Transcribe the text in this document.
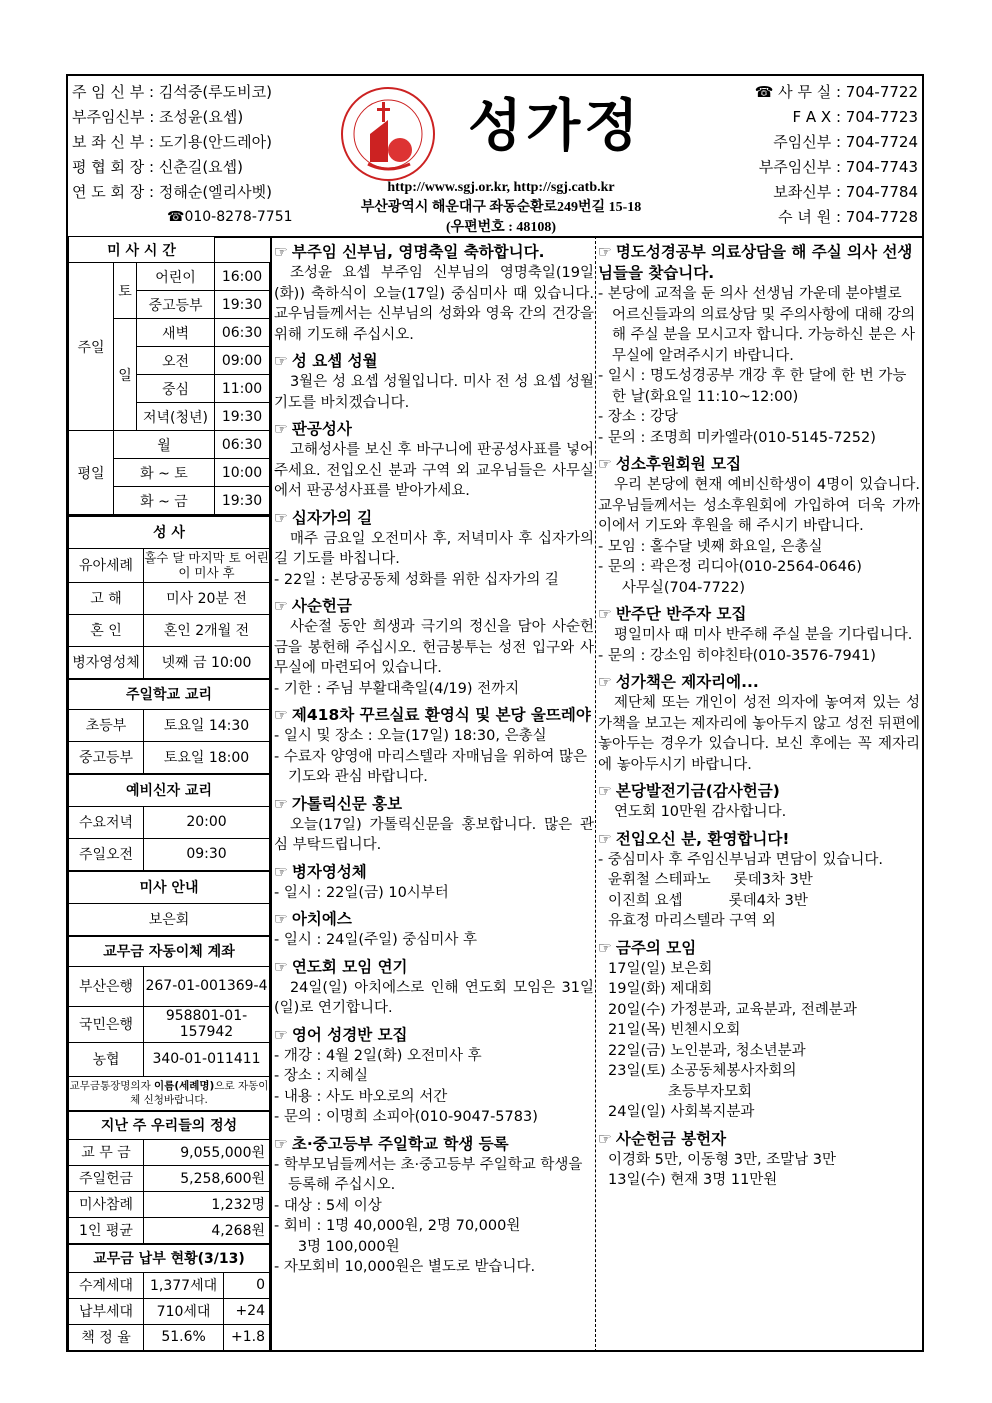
주 임 신 부 : 김석중(루도비코)
부주임신부 : 조성윤(요셉)
보 좌 신 부 : 도기용(안드레아)
평 협 회 장 : 신춘길(요셉)
연 도 회 장 : 정해순(엘리사벳)
☎010-8278-7751
성가정
http://www.sgj.or.kr, http://sgj.catb.kr
부산광역시 해운대구 좌동순환로249번길 15-18
(우편번호 : 48108)
☎ 사 무 실 : 704-7722
F A X : 704-7723
주임신부 : 704-7724
부주임신부 : 704-7743
보좌신부 : 704-7784
수 녀 원 : 704-7728
미 사 시 간			
주일	토	어린이	16:00
		중고등부	19:30
	일	새벽	06:30
		오전	09:00
		중심	11:00
		저녁(청년)	19:30
평일	월		06:30
	화 ~ 토		10:00
	화 ~ 금		19:30
성 사	
유아세례	홀수 달 마지막 토 어린이 미사 후
고 해	미사 20분 전
혼 인	혼인 2개월 전
병자영성체	넷째 금 10:00
주일학교 교리	
초등부	토요일 14:30
중고등부	토요일 18:00
예비신자 교리	
수요저녁	20:00
주일오전	09:30
미사 안내
보은회
교무금 자동이체 계좌	
부산은행	267-01-001369-4
국민은행	958801-01-157942
농협	340-01-011411
교무금통장명의자 이름(세례명)으로 자동이체 신청바랍니다.	
지난 주 우리들의 정성	
교 무 금	9,055,000원
주일헌금	5,258,600원
미사참례	1,232명
1인 평균	4,268원
교무금 납부 현황(3/13)		
수계세대	1,377세대	0
납부세대	710세대	+24
책 정 율	51.6%	+1.8
☞ 부주임 신부님, 영명축일 축하합니다.

조성윤 요셉 부주임 신부님의 영명축일(19일(화)) 축하식이 오늘(17일) 중심미사 때 있습니다. 교우님들께서는 신부님의 성화와 영육 간의 건강을 위해 기도해 주십시오.

☞ 성 요셉 성월

3월은 성 요셉 성월입니다. 미사 전 성 요셉 성월기도를 바치겠습니다.

☞ 판공성사

고해성사를 보신 후 바구니에 판공성사표를 넣어 주세요. 전입오신 분과 구역 외 교우님들은 사무실에서 판공성사표를 받아가세요.

☞ 십자가의 길

매주 금요일 오전미사 후, 저녁미사 후 십자가의 길 기도를 바칩니다.

- 22일 : 본당공동체 성화를 위한 십자가의 길
☞ 사순헌금

사순절 동안 희생과 극기의 정신을 담아 사순헌금을 봉헌해 주십시오. 헌금봉투는 성전 입구와 사무실에 마련되어 있습니다.

- 기한 : 주님 부활대축일(4/19) 전까지
☞ 제418차 꾸르실료 환영식 및 본당 울뜨레야
- 일시 및 장소 : 오늘(17일) 18:30, 은총실
- 수료자 양영애 마리스텔라 자매님을 위하여 많은 기도와 관심 바랍니다.
☞ 가톨릭신문 홍보

오늘(17일) 가톨릭신문을 홍보합니다. 많은 관심 부탁드립니다.

☞ 병자영성체
- 일시 : 22일(금) 10시부터
☞ 아치에스
- 일시 : 24일(주일) 중심미사 후
☞ 연도회 모임 연기

24일(일) 아치에스로 인해 연도회 모임은 31일(일)로 연기합니다.

☞ 영어 성경반 모집
- 개강 : 4월 2일(화) 오전미사 후
- 장소 : 지혜실
- 내용 : 사도 바오로의 서간
- 문의 : 이명희 소피아(010-9047-5783)
☞ 초·중고등부 주일학교 학생 등록
- 학부모님들께서는 초·중고등부 주일학교 학생을 등록해 주십시오.
- 대상 : 5세 이상
- 회비 : 1명 40,000원, 2명 70,000원
3명 100,000원
- 자모회비 10,000원은 별도로 받습니다.
☞ 명도성경공부 의료상담을 해 주실 의사 선생님들을 찾습니다.
- 본당에 교적을 둔 의사 선생님 가운데 분야별로 어르신들과의 의료상담 및 주의사항에 대해 강의해 주실 분을 모시고자 합니다. 가능하신 분은 사무실에 알려주시기 바랍니다.
- 일시 : 명도성경공부 개강 후 한 달에 한 번 가능한 날(화요일 11:10~12:00)
- 장소 : 강당
- 문의 : 조명희 미카엘라(010-5145-7252)
☞ 성소후원회원 모집

우리 본당에 현재 예비신학생이 4명이 있습니다. 교우님들께서는 성소후원회에 가입하여 더욱 가까이에서 기도와 후원을 해 주시기 바랍니다.

- 모임 : 홀수달 넷째 화요일, 은총실
- 문의 : 곽은정 리디아(010-2564-0646)
사무실(704-7722)
☞ 반주단 반주자 모집

평일미사 때 미사 반주해 주실 분을 기다립니다.

- 문의 : 강소임 히야친타(010-3576-7941)
☞ 성가책은 제자리에...

제단체 또는 개인이 성전 의자에 놓여져 있는 성가책을 보고는 제자리에 놓아두지 않고 성전 뒤편에 놓아두는 경우가 있습니다. 보신 후에는 꼭 제자리에 놓아두시기 바랍니다.

☞ 본당발전기금(감사헌금)

연도회 10만원 감사합니다.

☞ 전입오신 분, 환영합니다!
- 중심미사 후 주임신부님과 면담이 있습니다.
윤휘철 스테파노     롯데3차 3반
이진희 요셉          롯데4차 3반
유효정 마리스텔라 구역 외
☞ 금주의 모임
17일(일) 보은회
19일(화) 제대회
20일(수) 가정분과, 교육분과, 전례분과
21일(목) 빈첸시오회
22일(금) 노인분과, 청소년분과
23일(토) 소공동체봉사자회의
초등부자모회
24일(일) 사회복지분과
☞ 사순헌금 봉헌자
이경화 5만, 이동형 3만, 조말남 3만
13일(수) 현재 3명 11만원
